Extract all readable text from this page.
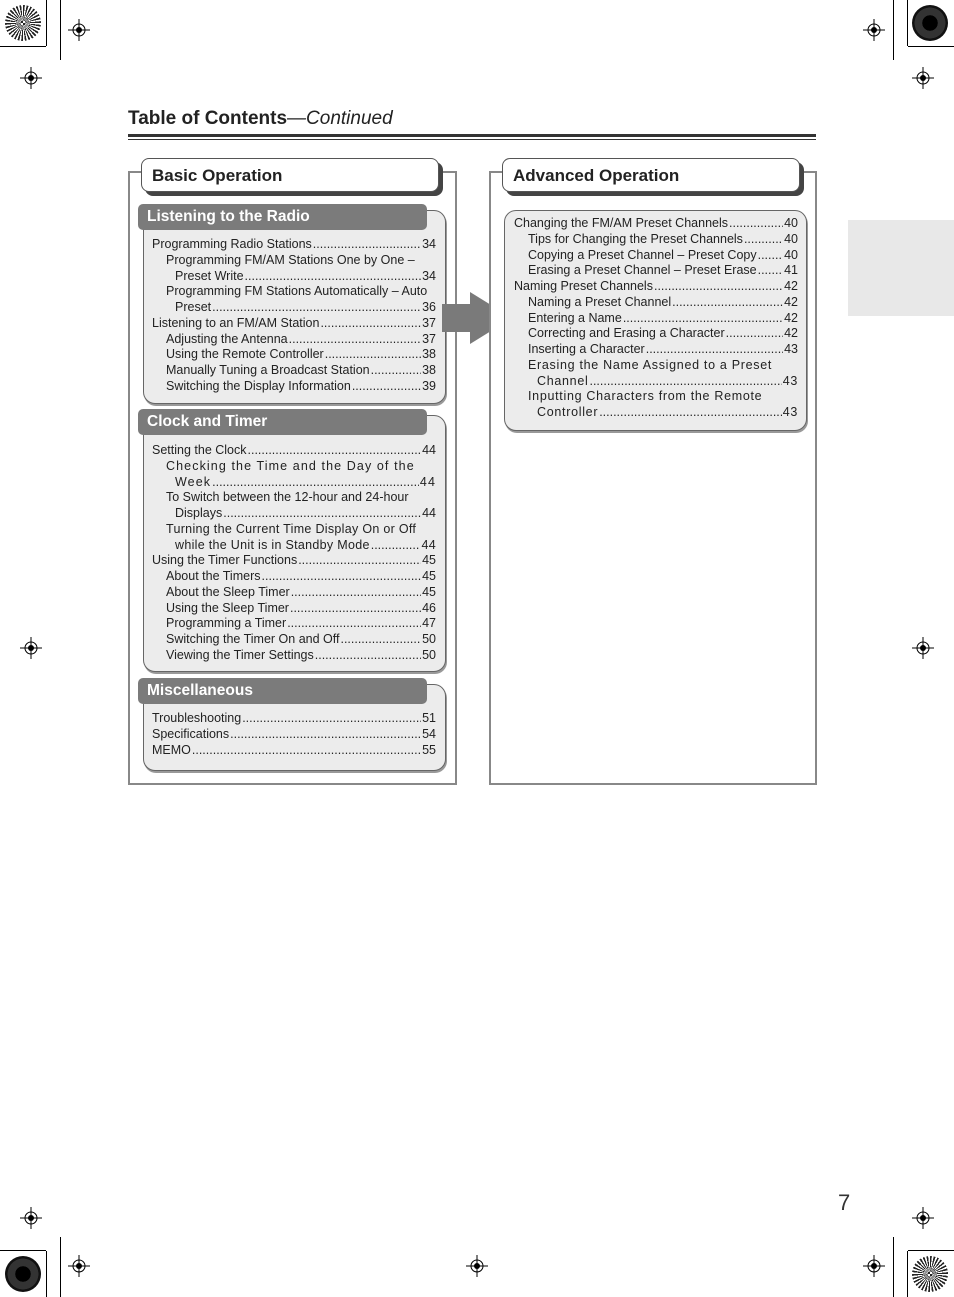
Table of Contents—Continued
Basic Operation
Listening to the Radio
Programming Radio Stations .....	34
Programming FM/AM Stations One by One –
Preset Write .....	34
Programming FM Stations Automatically – Auto
Preset .....	36
Listening to an FM/AM Station .....	37
Adjusting the Antenna .....	37
Using the Remote Controller .....	38
Manually Tuning a Broadcast Station .....	38
Switching the Display Information .....	39
Clock and Timer
Setting the Clock .....	44
Checking the Time and the Day of the
Week .....	44
To Switch between the 12-hour and 24-hour
Displays .....	44
Turning the Current Time Display On or Off
while the Unit is in Standby Mode .....	44
Using the Timer Functions .....	45
About the Timers .....	45
About the Sleep Timer .....	45
Using the Sleep Timer .....	46
Programming a Timer .....	47
Switching the Timer On and Off .....	50
Viewing the Timer Settings .....	50
Miscellaneous
Troubleshooting .....	51
Specifications .....	54
MEMO .....	55
Advanced Operation
Changing the FM/AM Preset Channels .....	40
Tips for Changing the Preset Channels .....	40
Copying a Preset Channel – Preset Copy ..... 40
Erasing a Preset Channel – Preset Erase ..... 41
Naming Preset Channels .....	42
Naming a Preset Channel .....	42
Entering a Name .....	42
Correcting and Erasing a Character .....	42
Inserting a Character .....	43
Erasing the Name Assigned to a Preset
Channel .....	43
Inputting Characters from the Remote
Controller .....	43
7
